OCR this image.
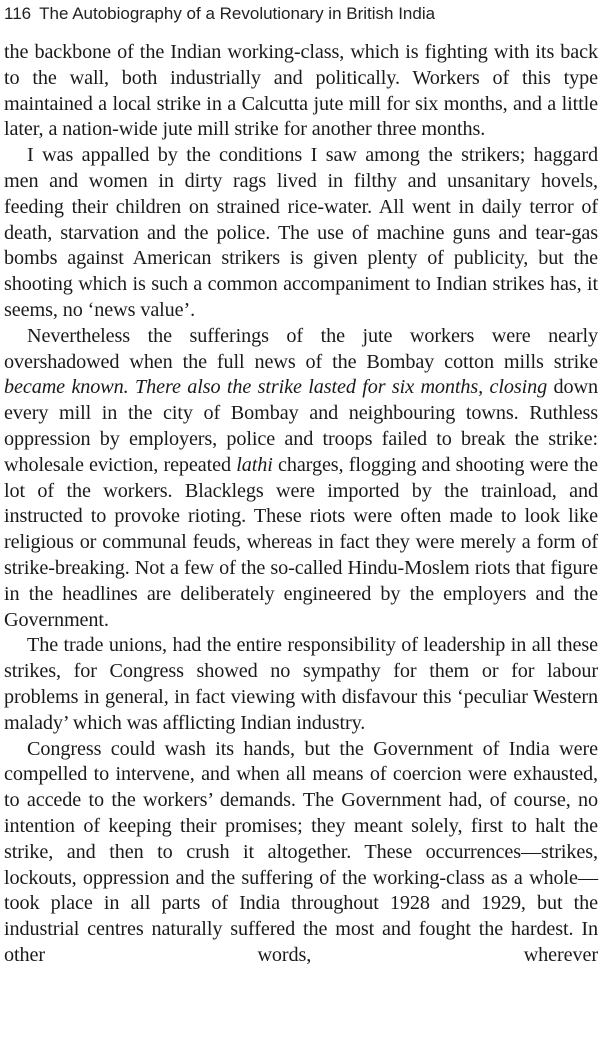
116 The Autobiography of a Revolutionary in British India

the backbone of the Indian working-class, which is fighting with its back to the wall, both industrially and politically. Workers of this type maintained a local strike in a Calcutta jute mill for six months, and a little later, a nation-wide jute mill strike for another three months.

I was appalled by the conditions I saw among the strikers; haggard men and women in dirty rags lived in filthy and unsanitary hovels, feeding their children on strained rice-water. All went in daily terror of death, starvation and the police. The use of machine guns and tear-gas bombs against American strikers is given plenty of publicity, but the shooting which is such a common accompaniment to Indian strikes has, it seems, no ‘news value’.

Nevertheless the sufferings of the jute workers were nearly overshadowed when the full news of the Bombay cotton mills strike became known. There also the strike lasted for six months, closing down every mill in the city of Bombay and neighbouring towns. Ruthless oppression by employers, police and troops failed to break the strike: wholesale eviction, repeated lathi charges, flogging and shooting were the lot of the workers. Blacklegs were imported by the trainload, and instructed to provoke rioting. These riots were often made to look like religious or communal feuds, whereas in fact they were merely a form of strike-breaking. Not a few of the so-called Hindu-Moslem riots that figure in the headlines are deliberately engineered by the employers and the Government.

The trade unions, had the entire responsibility of leadership in all these strikes, for Congress showed no sympathy for them or for labour problems in general, in fact viewing with disfavour this ‘peculiar Western malady’ which was afflicting Indian industry.

Congress could wash its hands, but the Government of India were compelled to intervene, and when all means of coercion were exhausted, to accede to the workers’ demands. The Government had, of course, no intention of keeping their promises; they meant solely, first to halt the strike, and then to crush it altogether. These occurrences—strikes, lockouts, oppression and the suffering of the working-class as a whole—took place in all parts of India throughout 1928 and 1929, but the industrial centres naturally suffered the most and fought the hardest. In other words, wherever
